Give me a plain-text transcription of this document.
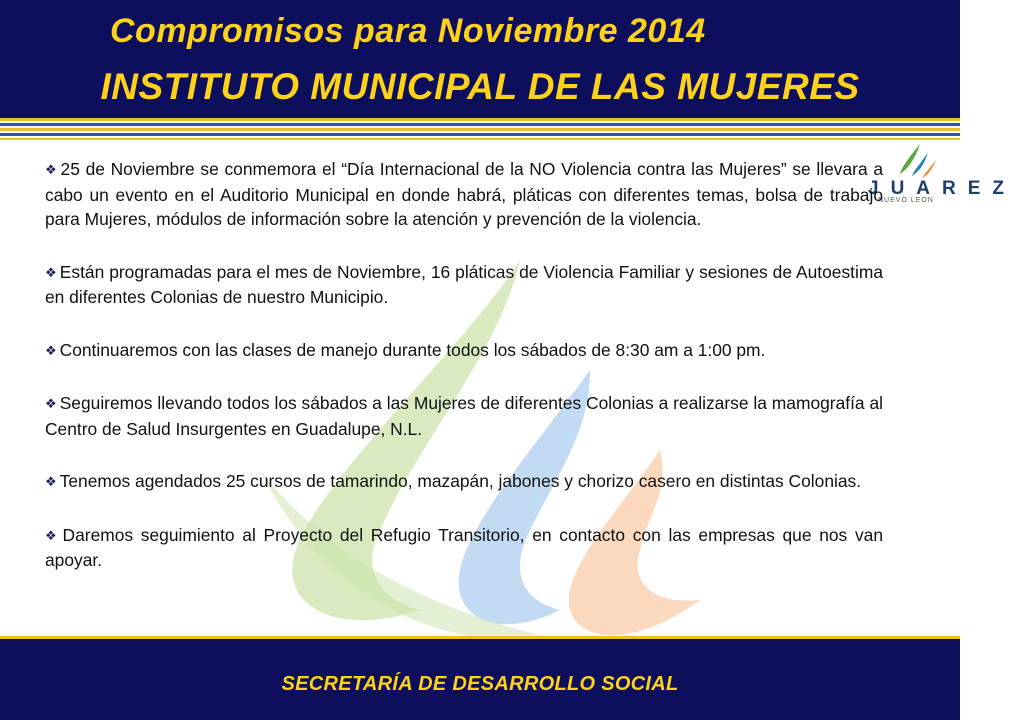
Compromisos para Noviembre 2014
INSTITUTO MUNICIPAL DE LAS MUJERES
JUAREZ
NUEVO LEON

❖ 25 de Noviembre se conmemora el “Día Internacional de la NO Violencia contra las Mujeres” se llevara a cabo un evento en el Auditorio Municipal en donde habrá, pláticas con diferentes temas, bolsa de trabajo para Mujeres, módulos de información sobre la atención y prevención de la violencia.

❖ Están programadas para el mes de Noviembre, 16 pláticas de Violencia Familiar y sesiones de Autoestima en diferentes Colonias de nuestro Municipio.

❖ Continuaremos con las clases de manejo durante todos los sábados de 8:30 am a 1:00 pm.

❖ Seguiremos llevando todos los sábados a las Mujeres de diferentes Colonias a realizarse la mamografía al Centro de Salud Insurgentes en Guadalupe, N.L.

❖ Tenemos agendados 25 cursos de tamarindo, mazapán, jabones y chorizo casero en distintas Colonias.

❖ Daremos seguimiento al Proyecto del Refugio Transitorio, en contacto con las empresas que nos van apoyar.

SECRETARÍA DE DESARROLLO SOCIAL
